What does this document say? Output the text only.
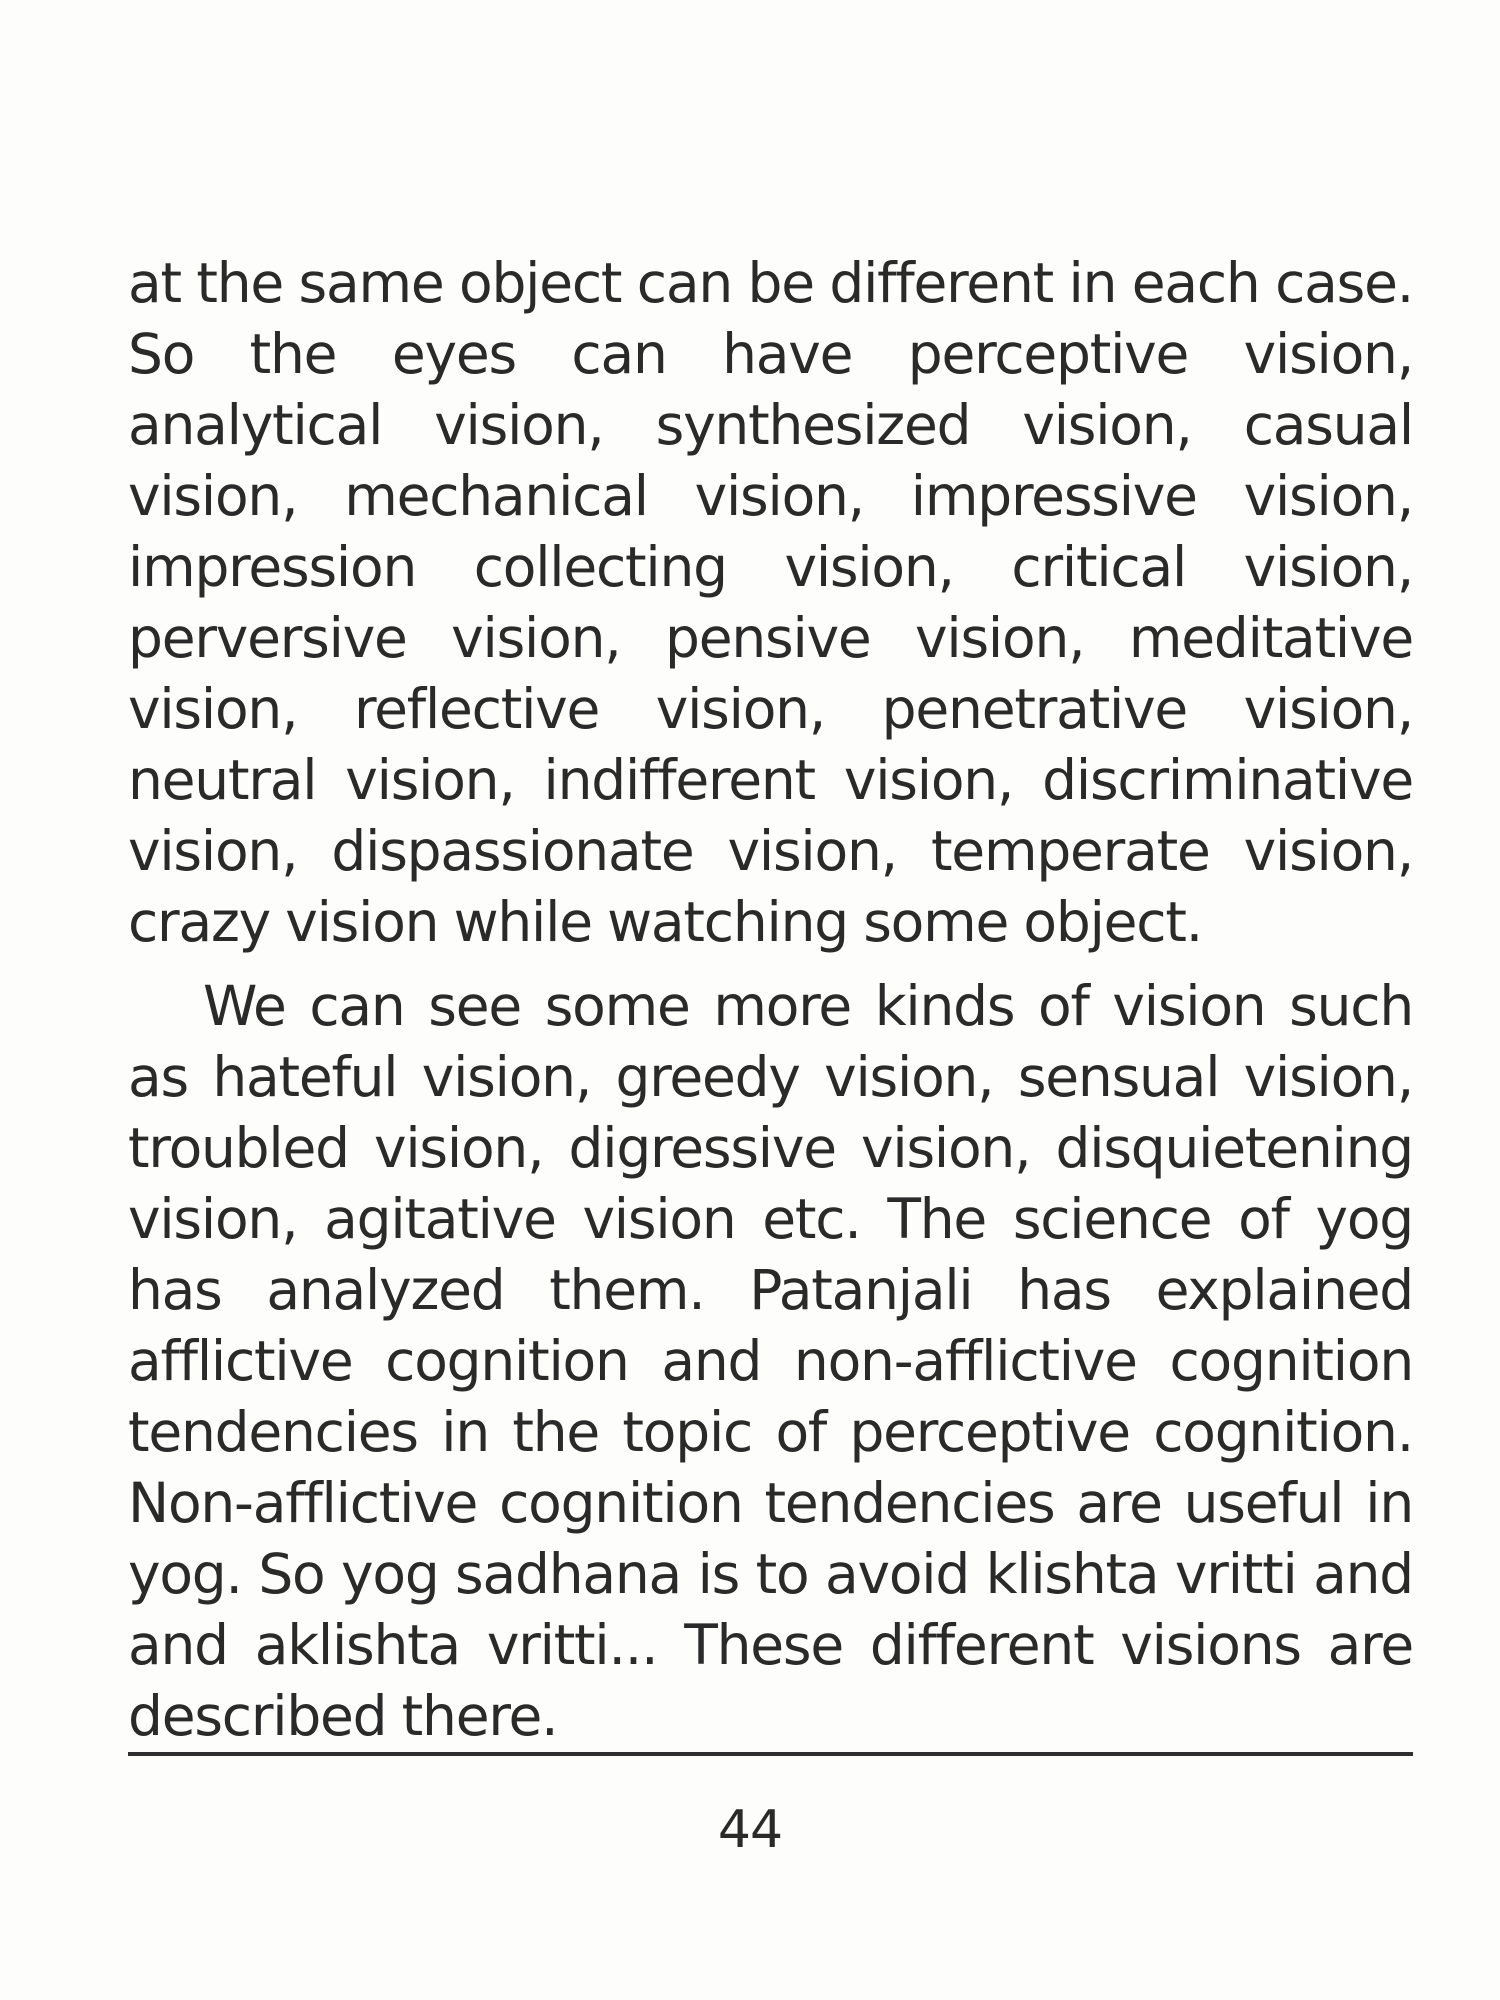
at the same object can be different in each case. So the eyes can have perceptive vision, analytical vision, synthesized vision, casual vision, mechanical vision, impressive vision, impression collecting vision, critical vision, perversive vision, pensive vision, meditative vision, reflective vision, penetrative vision, neutral vision, indifferent vision, discriminative vision, dispassionate vision, temperate vision, crazy vision while watching some object.

We can see some more kinds of vision such as hateful vision, greedy vision, sensual vision, troubled vision, digressive vision, disquietening vision, agitative vision etc. The science of yog has analyzed them. Patanjali has explained afflictive cognition and non-afflictive cognition tendencies in the topic of perceptive cognition. Non-afflictive cognition tendencies are useful in yog. So yog sadhana is to avoid klishta vritti and and aklishta vritti... These different visions are described there.

44
